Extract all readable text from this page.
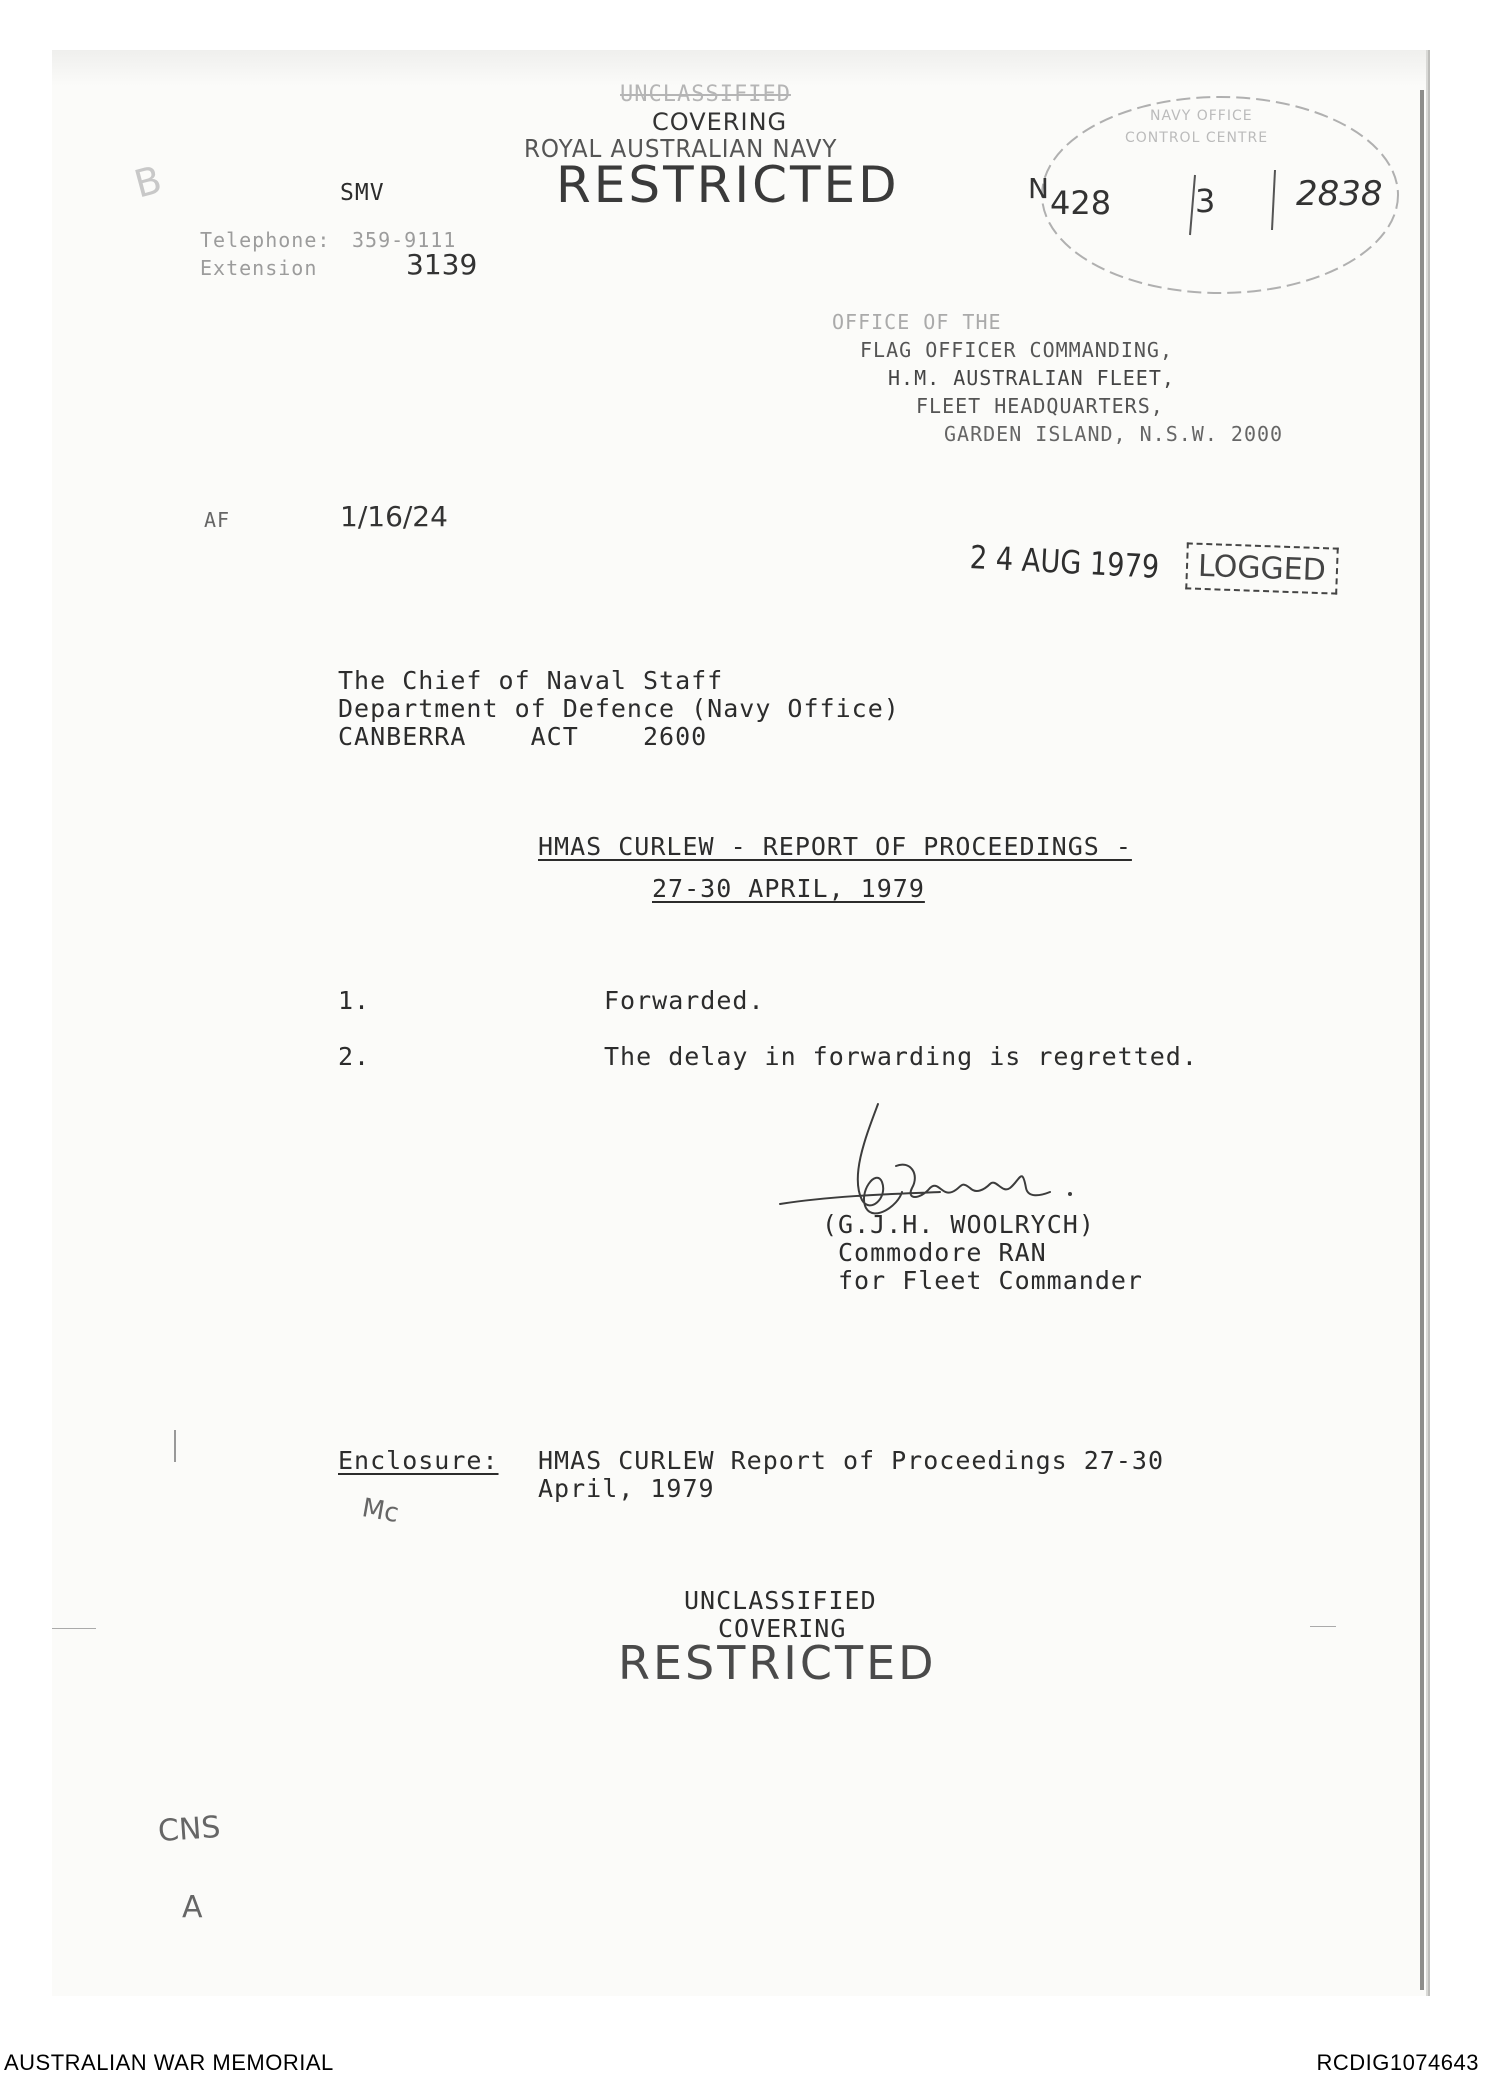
B
UNCLASSIFIED
COVERING
ROYAL AUSTRALIAN NAVY
RESTRICTED
SMV
Telephone: 359-9111
Extension	3139
NAVY OFFICE
CONTROL CENTRE
N 428	3 2838
OFFICE OF THE
FLAG OFFICER COMMANDING,
H.M. AUSTRALIAN FLEET,
FLEET HEADQUARTERS,
GARDEN ISLAND, N.S.W. 2000
AF	1/16/24
2 4 AUG 1979	LOGGED
The Chief of Naval Staff
Department of Defence (Navy Office)
CANBERRA    ACT    2600
HMAS CURLEW - REPORT OF PROCEEDINGS -
27-30 APRIL, 1979
1.	Forwarded.
2.	The delay in forwarding is regretted.
(G.J.H. WOOLRYCH)
Commodore RAN
for Fleet Commander
Enclosure: HMAS CURLEW Report of Proceedings 27-30
April, 1979
Mc
UNCLASSIFIED
COVERING
RESTRICTED
CNS
A
AUSTRALIAN WAR MEMORIAL	RCDIG1074643
